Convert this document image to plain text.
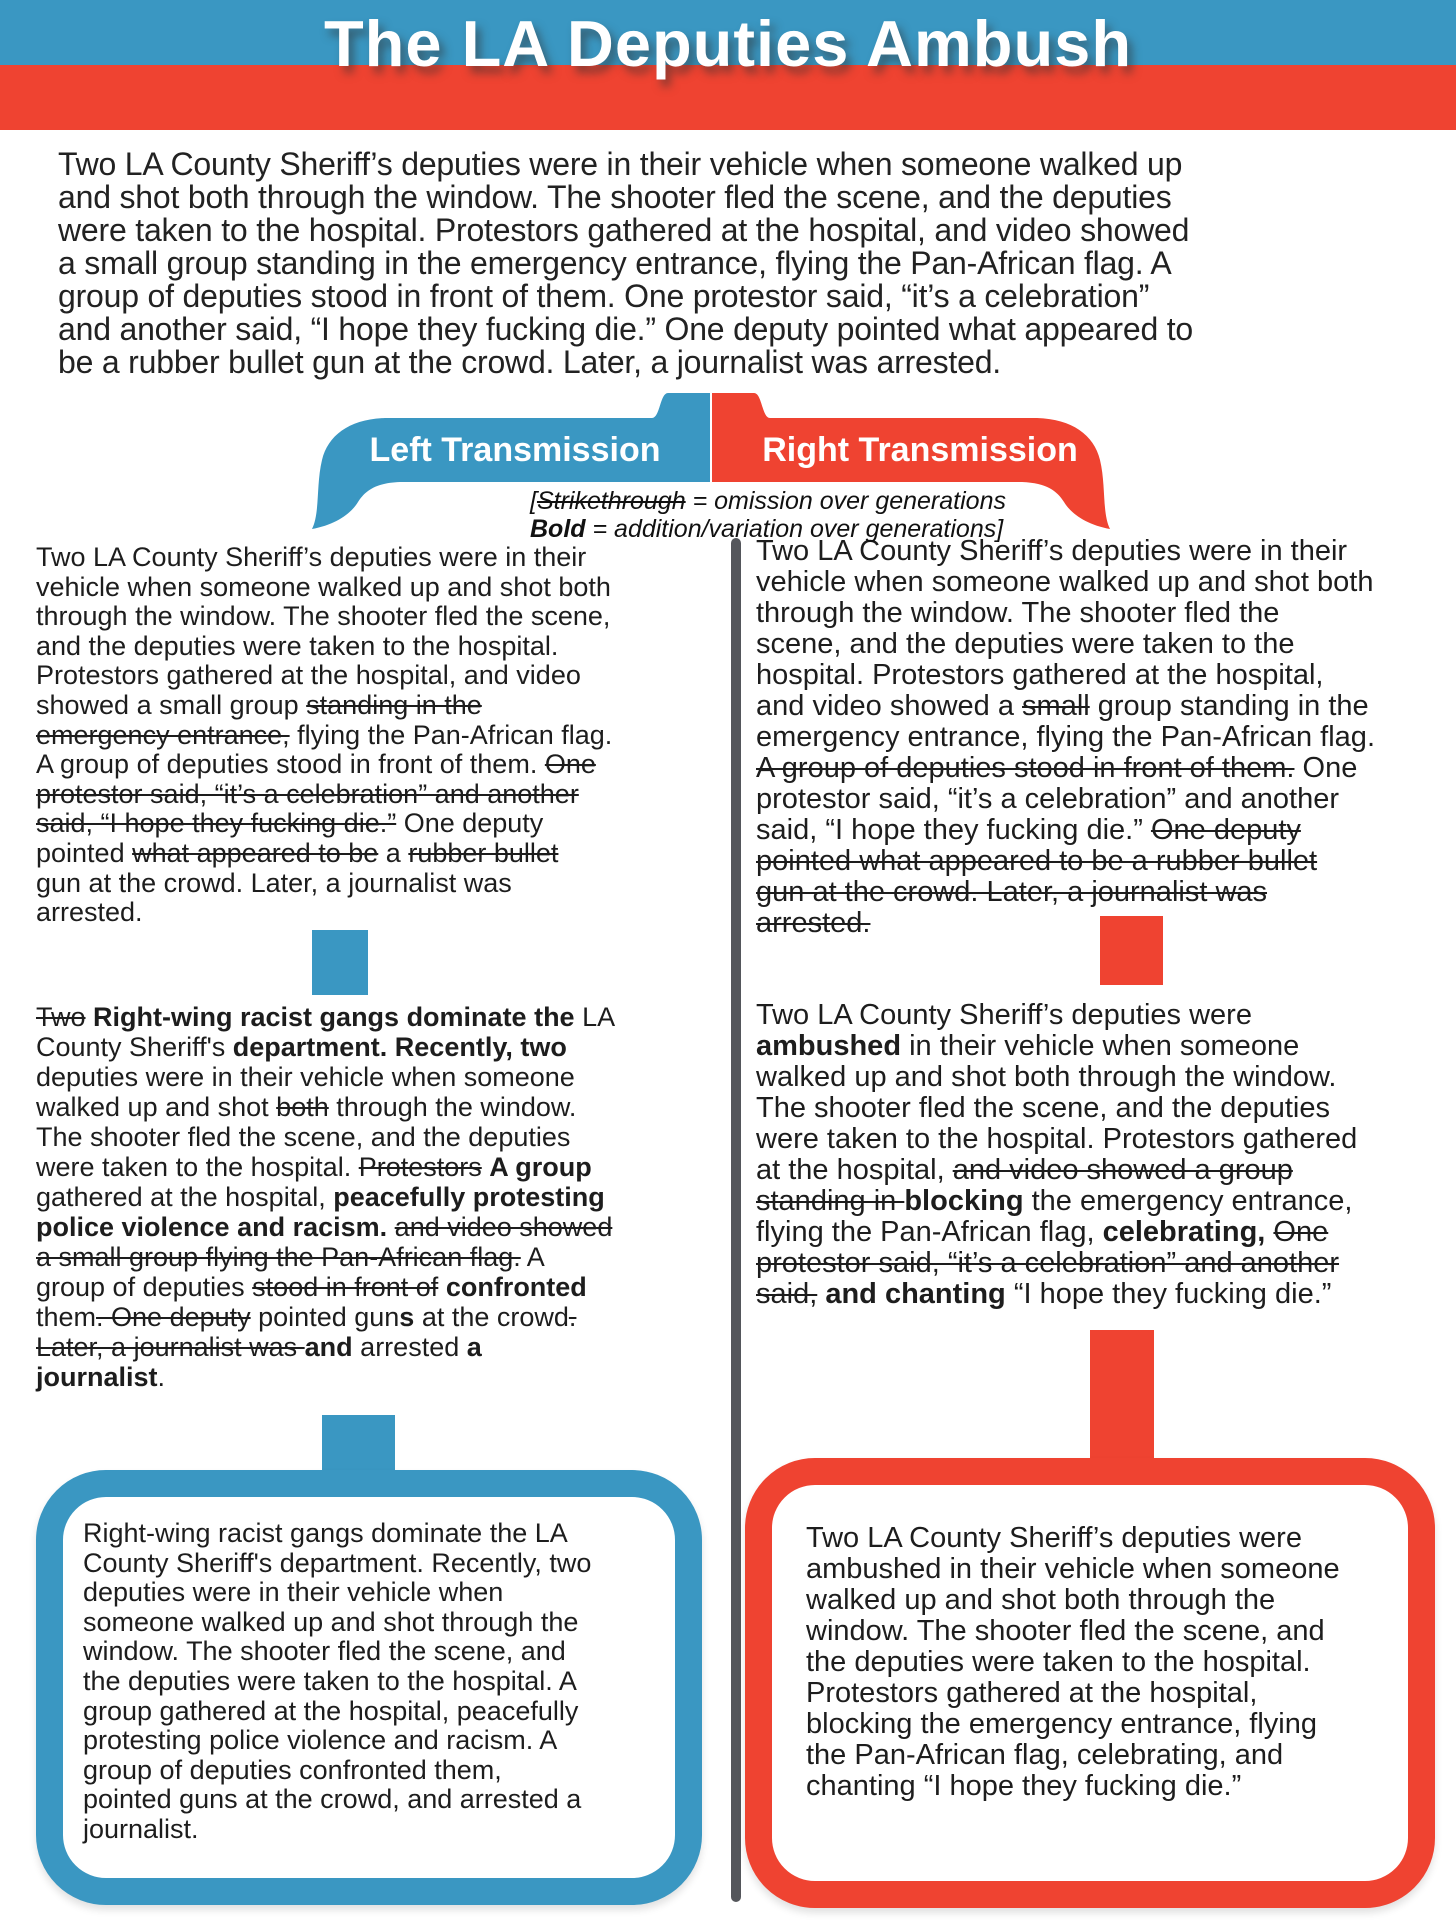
The LA Deputies Ambush

Two LA County Sheriff’s deputies were in their vehicle when someone walked up
and shot both through the window. The shooter fled the scene, and the deputies
were taken to the hospital. Protestors gathered at the hospital, and video showed
a small group standing in the emergency entrance, flying the Pan-African flag. A
group of deputies stood in front of them. One protestor said, “it’s a celebration”
and another said, “I hope they fucking die.” One deputy pointed what appeared to
be a rubber bullet gun at the crowd. Later, a journalist was arrested.

Left Transmission	Right Transmission
[Strikethrough = omission over generations
Bold = addition/variation over generations]
Two LA County Sheriff’s deputies were in their
vehicle when someone walked up and shot both
through the window. The shooter fled the scene,
and the deputies were taken to the hospital.
Protestors gathered at the hospital, and video
showed a small group standing in the
emergency entrance, flying the Pan-African flag.
A group of deputies stood in front of them. One
protestor said, “it’s a celebration” and another
said, “I hope they fucking die.” One deputy
pointed what appeared to be a rubber bullet
gun at the crowd. Later, a journalist was
arrested.
Two Right-wing racist gangs dominate the LA
County Sheriff's department. Recently, two
deputies were in their vehicle when someone
walked up and shot both through the window.
The shooter fled the scene, and the deputies
were taken to the hospital. Protestors A group
gathered at the hospital, peacefully protesting
police violence and racism. and video showed
a small group flying the Pan-African flag. A
group of deputies stood in front of confronted
them. One deputy pointed guns at the crowd.
Later, a journalist was and arrested a
journalist.
Right-wing racist gangs dominate the LA
County Sheriff's department. Recently, two
deputies were in their vehicle when
someone walked up and shot through the
window. The shooter fled the scene, and
the deputies were taken to the hospital. A
group gathered at the hospital, peacefully
protesting police violence and racism. A
group of deputies confronted them,
pointed guns at the crowd, and arrested a
journalist.
Two LA County Sheriff’s deputies were in their
vehicle when someone walked up and shot both
through the window. The shooter fled the
scene, and the deputies were taken to the
hospital. Protestors gathered at the hospital,
and video showed a small group standing in the
emergency entrance, flying the Pan-African flag.
A group of deputies stood in front of them. One
protestor said, “it’s a celebration” and another
said, “I hope they fucking die.” One deputy
pointed what appeared to be a rubber bullet
gun at the crowd. Later, a journalist was
arrested.
Two LA County Sheriff’s deputies were
ambushed in their vehicle when someone
walked up and shot both through the window.
The shooter fled the scene, and the deputies
were taken to the hospital. Protestors gathered
at the hospital, and video showed a group
standing in blocking the emergency entrance,
flying the Pan-African flag, celebrating, One
protestor said, “it’s a celebration” and another
said, and chanting “I hope they fucking die.”
Two LA County Sheriff’s deputies were
ambushed in their vehicle when someone
walked up and shot both through the
window. The shooter fled the scene, and
the deputies were taken to the hospital.
Protestors gathered at the hospital,
blocking the emergency entrance, flying
the Pan-African flag, celebrating, and
chanting “I hope they fucking die.”
